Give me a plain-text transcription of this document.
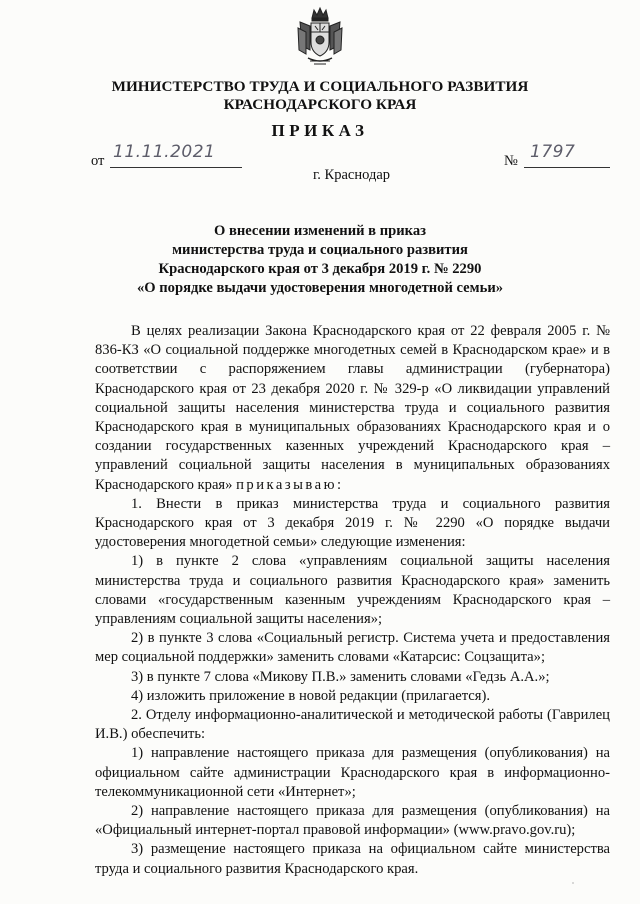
МИНИСТЕРСТВО ТРУДА И СОЦИАЛЬНОГО РАЗВИТИЯ
КРАСНОДАРСКОГО КРАЯ
ПРИКАЗ
от 11.11.2021
г. Краснодар
№ 1797
О внесении изменений в приказ
министерства труда и социального развития
Краснодарского края от 3 декабря 2019 г. № 2290
«О порядке выдачи удостоверения многодетной семьи»

В целях реализации Закона Краснодарского края от 22 февраля 2005 г. № 836-КЗ «О социальной поддержке многодетных семей в Краснодарском крае» и в соответствии с распоряжением главы администрации (губернатора) Краснодарского края от 23 декабря 2020 г. № 329-р «О ликвидации управлений социальной защиты населения министерства труда и социального развития Краснодарского края в муниципальных образованиях Краснодарского края и о создании государственных казенных учреждений Краснодарского края – управлений социальной защиты населения в муниципальных образованиях Краснодарского края» приказываю:

1. Внести в приказ министерства труда и социального развития Краснодарского края от 3 декабря 2019 г. № 2290 «О порядке выдачи удостоверения многодетной семьи» следующие изменения:

1) в пункте 2 слова «управлениям социальной защиты населения министерства труда и социального развития Краснодарского края» заменить словами «государственным казенным учреждениям Краснодарского края – управлениям социальной защиты населения»;

2) в пункте 3 слова «Социальный регистр. Система учета и предоставления мер социальной поддержки» заменить словами «Катарсис: Соцзащита»;

3) в пункте 7 слова «Микову П.В.» заменить словами «Гедзь А.А.»;

4) изложить приложение в новой редакции (прилагается).

2. Отделу информационно-аналитической и методической работы (Гаврилец И.В.) обеспечить:

1) направление настоящего приказа для размещения (опубликования) на официальном сайте администрации Краснодарского края в информационно-телекоммуникационной сети «Интернет»;

2) направление настоящего приказа для размещения (опубликования) на «Официальный интернет-портал правовой информации» (www.pravo.gov.ru);

3) размещение настоящего приказа на официальном сайте министерства труда и социального развития Краснодарского края.
